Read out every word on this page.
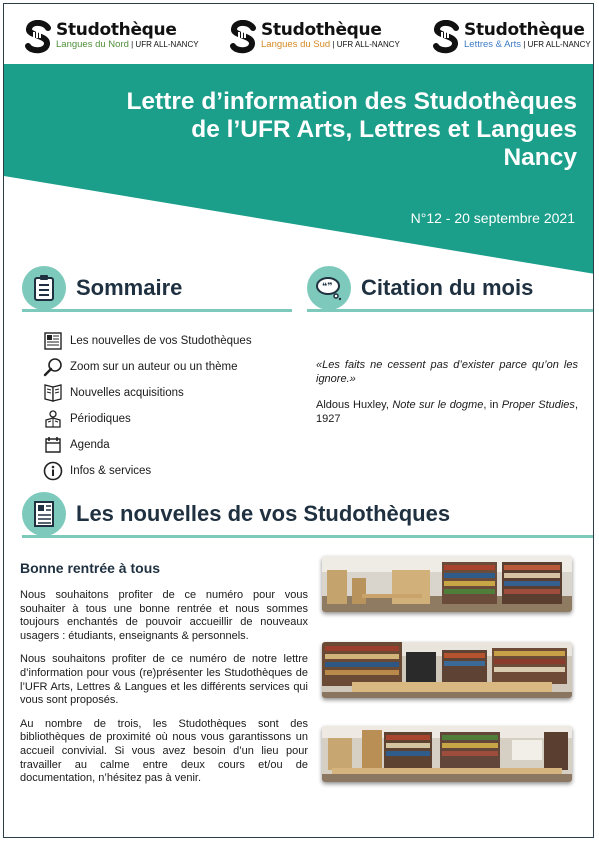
Studothèque
Langues du Nord | UFR ALL-NANCY
Studothèque
Langues du Sud | UFR ALL-NANCY
Studothèque
Lettres & Arts | UFR ALL-NANCY
Lettre d’information des Studothèques
de l’UFR Arts, Lettres et Langues
Nancy
N°12 - 20 septembre 2021
Sommaire	❝❞ Citation du mois
Les nouvelles de vos Studothèques
Zoom sur un auteur ou un thème
Nouvelles acquisitions
Périodiques
Agenda
Infos & services

«Les faits ne cessent pas d’exister parce qu’on les ignore.»

Aldous Huxley, Note sur le dogme, in Proper Studies, 1927

Les nouvelles de vos Studothèques
Bonne rentrée à tous

Nous souhaitons profiter de ce numéro pour vous souhaiter à tous une bonne rentrée et nous sommes toujours enchantés de pouvoir accueillir de nouveaux usagers : étudiants, enseignants & personnels.

Nous souhaitons profiter de ce numéro de notre lettre d’information pour vous (re)présenter les Studothèques de l’UFR Arts, Lettres & Langues et les différents services qui vous sont proposés.

Au nombre de trois, les Studothèques sont des bibliothèques de proximité où nous vous garantissons un accueil convivial. Si vous avez besoin d’un lieu pour travailler au calme entre deux cours et/ou de documentation, n’hésitez pas à venir.
